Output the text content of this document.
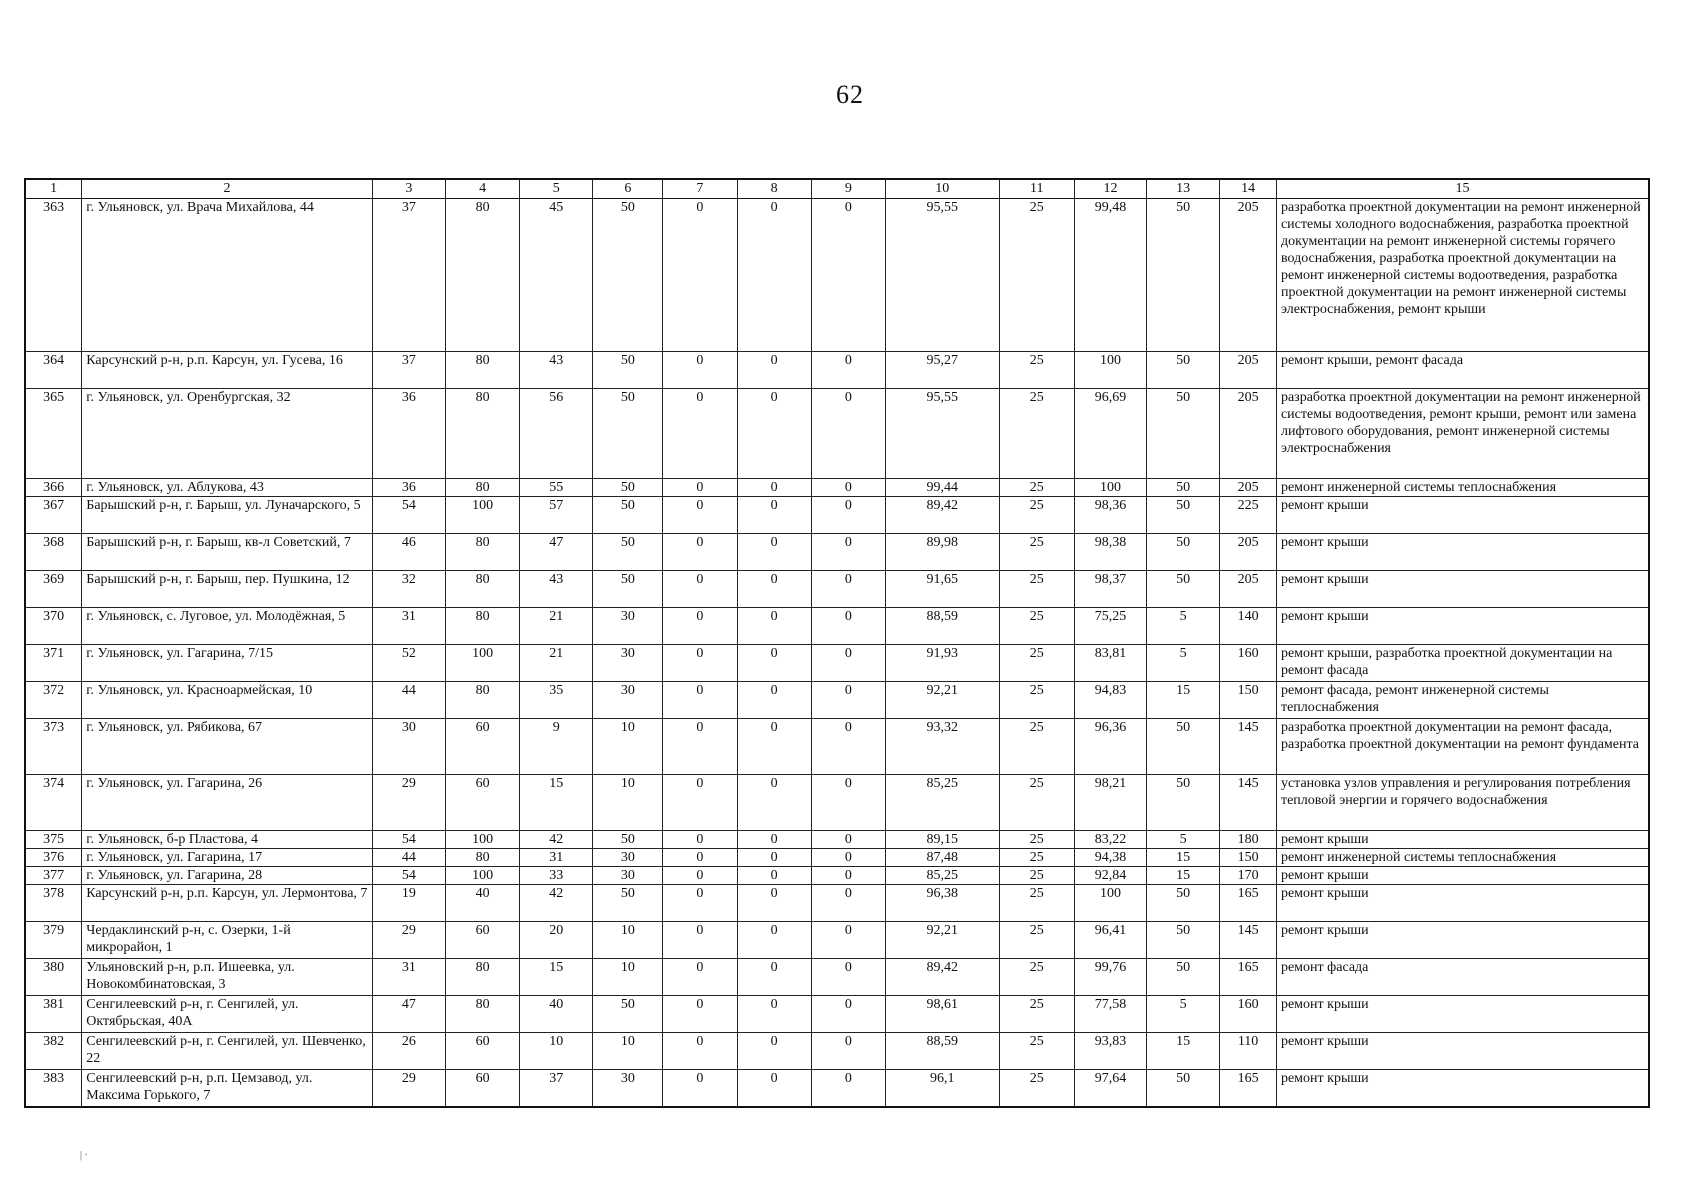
62
1	2	3	4	5	6	7	8	9	10	11	12	13	14	15
363	г. Ульяновск, ул. Врача Михайлова, 44	37	80	45	50	0	0	0	95,55	25	99,48	50	205	разработка проектной документации на ремонт инженерной системы холодного водоснабжения, разработка проектной документации на ремонт инженерной системы горячего водоснабжения, разработка проектной документации на ремонт инженерной системы водоотведения, разработка проектной документации на ремонт инженерной системы электроснабжения, ремонт крыши
364	Карсунский р-н, р.п. Карсун, ул. Гусева, 16	37	80	43	50	0	0	0	95,27	25	100	50	205	ремонт крыши, ремонт фасада
365	г. Ульяновск, ул. Оренбургская, 32	36	80	56	50	0	0	0	95,55	25	96,69	50	205	разработка проектной документации на ремонт инженерной системы водоотведения, ремонт крыши, ремонт или замена лифтового оборудования, ремонт инженерной системы электроснабжения
366	г. Ульяновск, ул. Аблукова, 43	36	80	55	50	0	0	0	99,44	25	100	50	205	ремонт инженерной системы теплоснабжения
367	Барышский р-н, г. Барыш, ул. Луначарского, 5	54	100	57	50	0	0	0	89,42	25	98,36	50	225	ремонт крыши
368	Барышский р-н, г. Барыш, кв-л Советский, 7	46	80	47	50	0	0	0	89,98	25	98,38	50	205	ремонт крыши
369	Барышский р-н, г. Барыш, пер. Пушкина, 12	32	80	43	50	0	0	0	91,65	25	98,37	50	205	ремонт крыши
370	г. Ульяновск, с. Луговое, ул. Молодёжная, 5	31	80	21	30	0	0	0	88,59	25	75,25	5	140	ремонт крыши
371	г. Ульяновск, ул. Гагарина, 7/15	52	100	21	30	0	0	0	91,93	25	83,81	5	160	ремонт крыши, разработка проектной документации на ремонт фасада
372	г. Ульяновск, ул. Красноармейская, 10	44	80	35	30	0	0	0	92,21	25	94,83	15	150	ремонт фасада, ремонт инженерной системы теплоснабжения
373	г. Ульяновск, ул. Рябикова, 67	30	60	9	10	0	0	0	93,32	25	96,36	50	145	разработка проектной документации на ремонт фасада, разработка проектной документации на ремонт фундамента
374	г. Ульяновск, ул. Гагарина, 26	29	60	15	10	0	0	0	85,25	25	98,21	50	145	установка узлов управления и регулирования потребления тепловой энергии и горячего водоснабжения
375	г. Ульяновск, б-р Пластова, 4	54	100	42	50	0	0	0	89,15	25	83,22	5	180	ремонт крыши
376	г. Ульяновск, ул. Гагарина, 17	44	80	31	30	0	0	0	87,48	25	94,38	15	150	ремонт инженерной системы теплоснабжения
377	г. Ульяновск, ул. Гагарина, 28	54	100	33	30	0	0	0	85,25	25	92,84	15	170	ремонт крыши
378	Карсунский р-н, р.п. Карсун, ул. Лермонтова, 7	19	40	42	50	0	0	0	96,38	25	100	50	165	ремонт крыши
379	Чердаклинский р-н, с. Озерки, 1-й микрорайон, 1	29	60	20	10	0	0	0	92,21	25	96,41	50	145	ремонт крыши
380	Ульяновский р-н, р.п. Ишеевка, ул. Новокомбинатовская, 3	31	80	15	10	0	0	0	89,42	25	99,76	50	165	ремонт фасада
381	Сенгилеевский р-н, г. Сенгилей, ул. Октябрьская, 40А	47	80	40	50	0	0	0	98,61	25	77,58	5	160	ремонт крыши
382	Сенгилеевский р-н, г. Сенгилей, ул. Шевченко, 22	26	60	10	10	0	0	0	88,59	25	93,83	15	110	ремонт крыши
383	Сенгилеевский р-н, р.п. Цемзавод, ул. Максима Горького, 7	29	60	37	30	0	0	0	96,1	25	97,64	50	165	ремонт крыши
| ·
